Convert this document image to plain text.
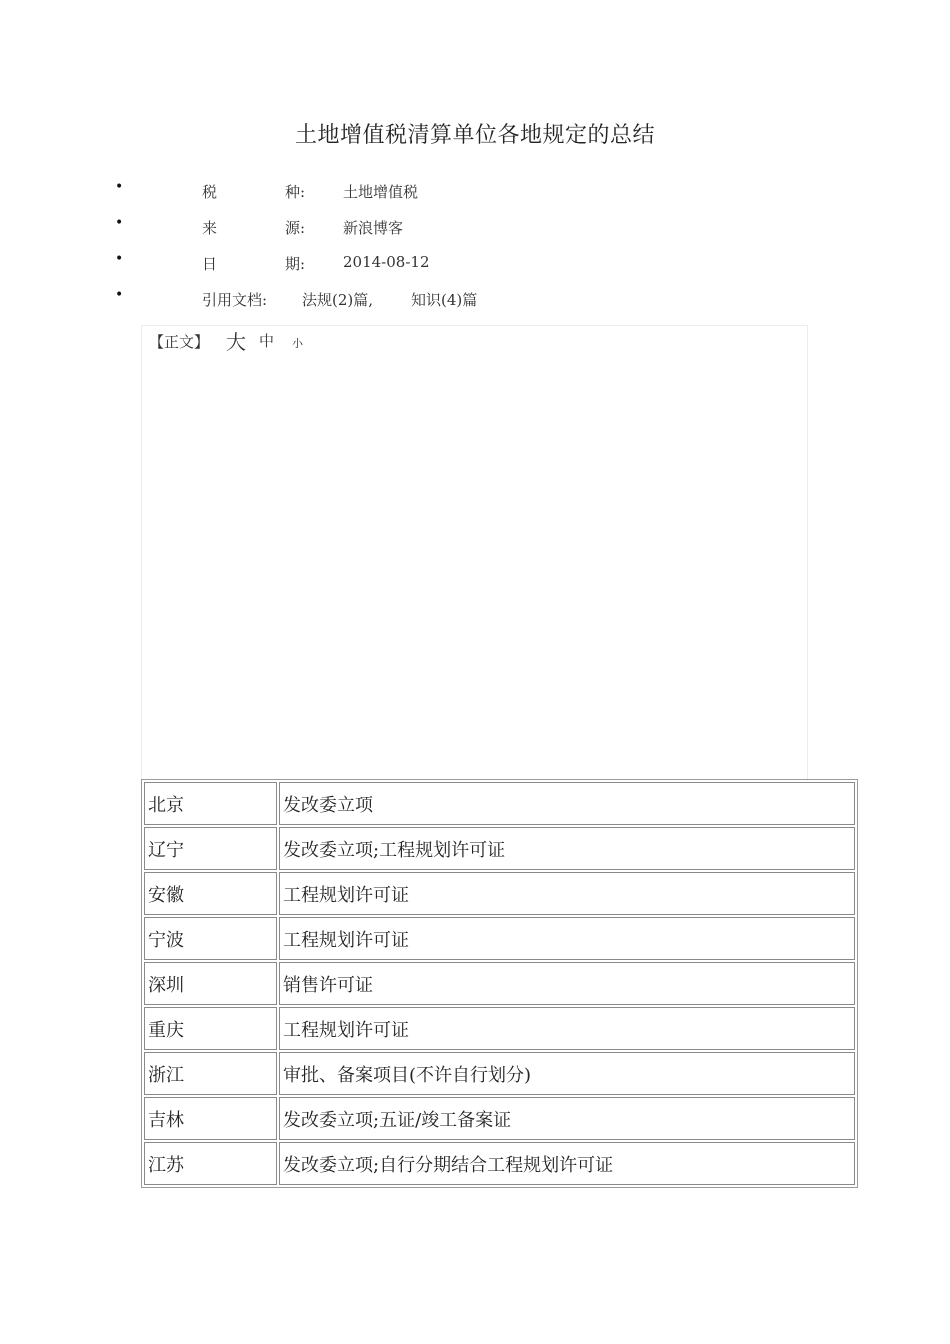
土地增值税清算单位各地规定的总结
•	税	种:	土地增值税
•	来	源:	新浪博客
•	日	期:	2014-08-12
•	引用文档: 法规(2)篇,	知识(4)篇
【正文】 大 中 小
北京	发改委立项
辽宁	发改委立项;工程规划许可证
安徽	工程规划许可证
宁波	工程规划许可证
深圳	销售许可证
重庆	工程规划许可证
浙江	审批、备案项目(不许自行划分)
吉林	发改委立项;五证/竣工备案证
江苏	发改委立项;自行分期结合工程规划许可证
